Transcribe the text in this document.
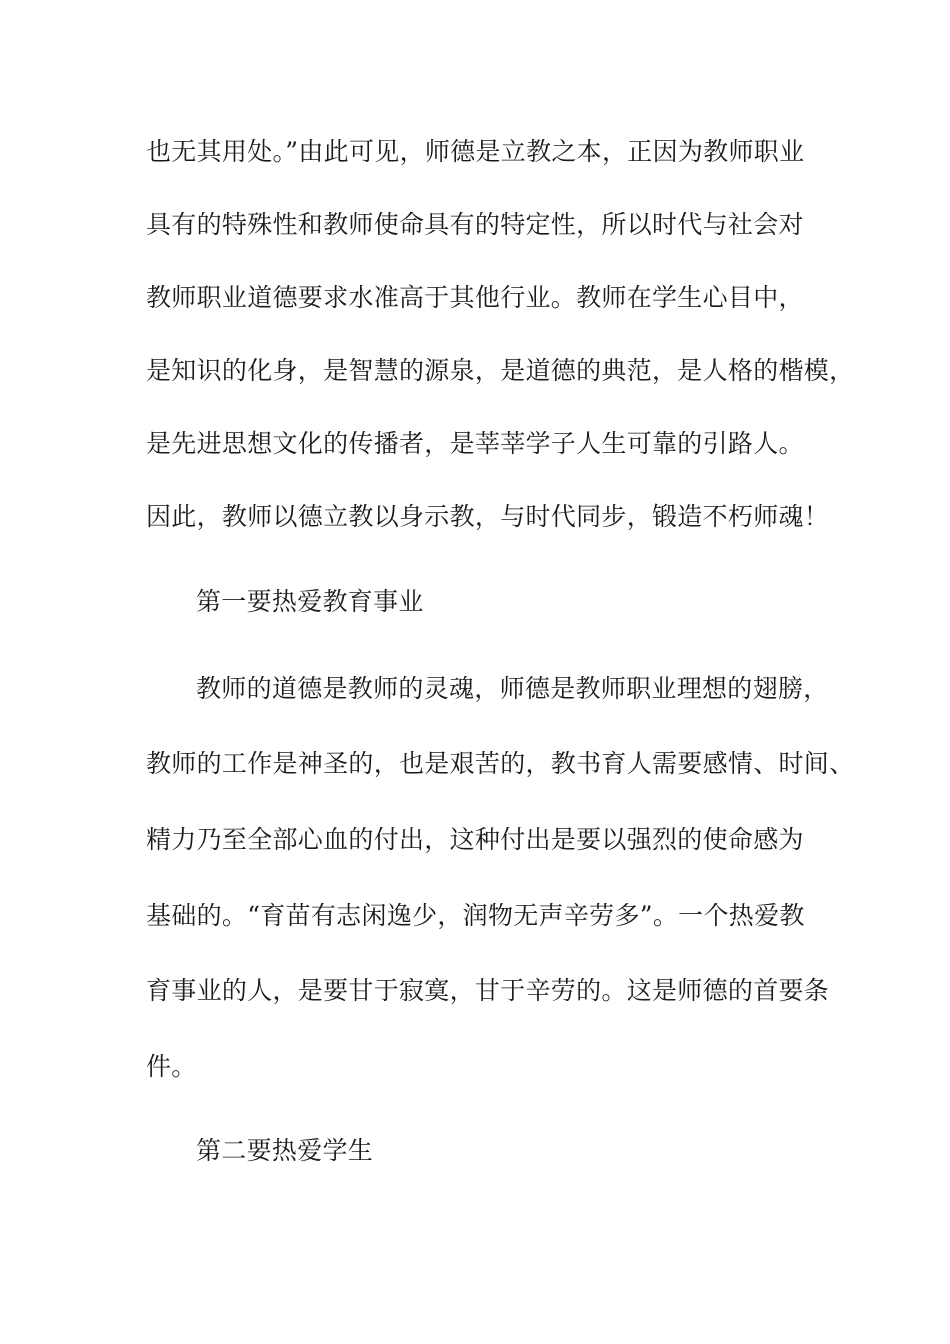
也无其用处。”由此可见，师德是立教之本，正因为教师职业
具有的特殊性和教师使命具有的特定性，所以时代与社会对
教师职业道德要求水准高于其他行业。教师在学生心目中，
是知识的化身，是智慧的源泉，是道德的典范，是人格的楷模，
是先进思想文化的传播者，是莘莘学子人生可靠的引路人。
因此，教师以德立教以身示教，与时代同步，锻造不朽师魂！
第一要热爱教育事业
教师的道德是教师的灵魂，师德是教师职业理想的翅膀，
教师的工作是神圣的，也是艰苦的，教书育人需要感情、时间、
精力乃至全部心血的付出，这种付出是要以强烈的使命感为
基础的。“育苗有志闲逸少，润物无声辛劳多”。一个热爱教
育事业的人，是要甘于寂寞，甘于辛劳的。这是师德的首要条
件。
第二要热爱学生
